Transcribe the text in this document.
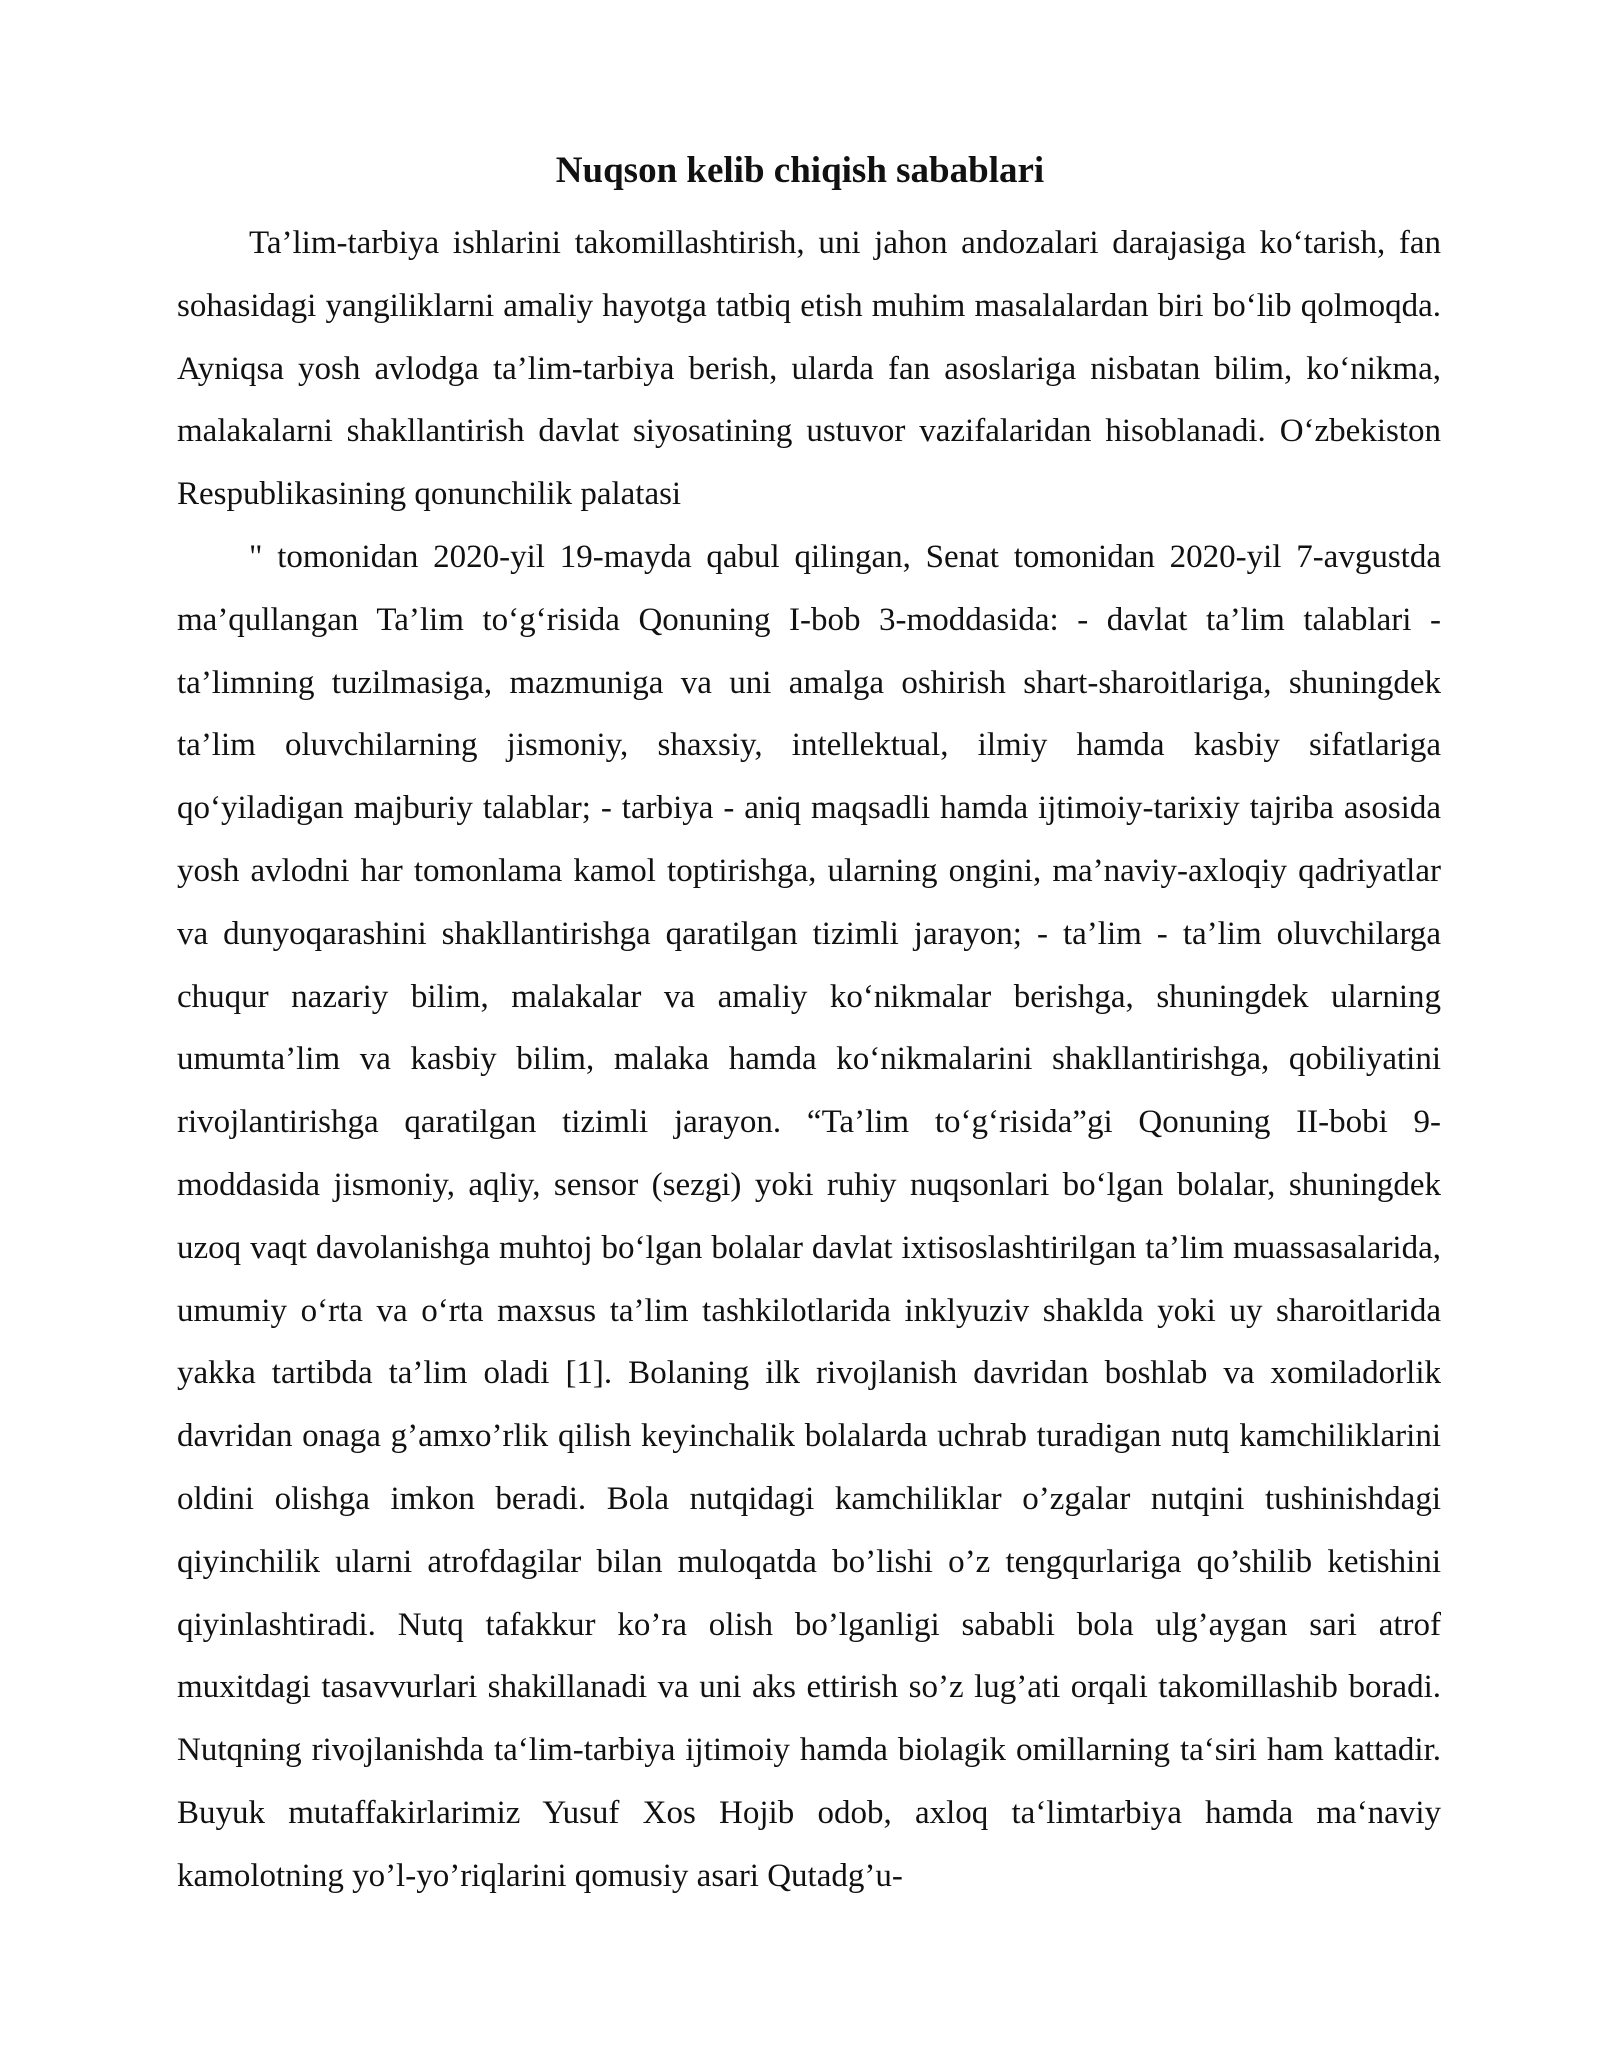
Nuqson kelib chiqish sabablari

Ta’lim-tarbiya ishlarini takomillashtirish, uni jahon andozalari darajasiga ko‘tarish, fan sohasidagi yangiliklarni amaliy hayotga tatbiq etish muhim masalalardan biri bo‘lib qolmoqda. Ayniqsa yosh avlodga ta’lim-tarbiya berish, ularda fan asoslariga nisbatan bilim, ko‘nikma, malakalarni shakllantirish davlat siyosatining ustuvor vazifalaridan hisoblanadi. O‘zbekiston Respublikasining qonunchilik palatasi

" tomonidan 2020-yil 19-mayda qabul qilingan, Senat tomonidan 2020-yil 7-avgustda ma’qullangan Ta’lim to‘g‘risida Qonuning I-bob 3-moddasida: - davlat ta’lim talablari - ta’limning tuzilmasiga, mazmuniga va uni amalga oshirish shart-sharoitlariga, shuningdek ta’lim oluvchilarning jismoniy, shaxsiy, intellektual, ilmiy hamda kasbiy sifatlariga qo‘yiladigan majburiy talablar; - tarbiya - aniq maqsadli hamda ijtimoiy-tarixiy tajriba asosida yosh avlodni har tomonlama kamol toptirishga, ularning ongini, ma’naviy-axloqiy qadriyatlar va dunyoqarashini shakllantirishga qaratilgan tizimli jarayon; - ta’lim - ta’lim oluvchilarga chuqur nazariy bilim, malakalar va amaliy ko‘nikmalar berishga, shuningdek ularning umumta’lim va kasbiy bilim, malaka hamda ko‘nikmalarini shakllantirishga, qobiliyatini rivojlantirishga qaratilgan tizimli jarayon. “Ta’lim to‘g‘risida”gi Qonuning II-bobi 9-moddasida jismoniy, aqliy, sensor (sezgi) yoki ruhiy nuqsonlari bo‘lgan bolalar, shuningdek uzoq vaqt davolanishga muhtoj bo‘lgan bolalar davlat ixtisoslashtirilgan ta’lim muassasalarida, umumiy o‘rta va o‘rta maxsus ta’lim tashkilotlarida inklyuziv shaklda yoki uy sharoitlarida yakka tartibda ta’lim oladi [1]. Bolaning ilk rivojlanish davridan boshlab va xomiladorlik davridan onaga g’amxo’rlik qilish keyinchalik bolalarda uchrab turadigan nutq kamchiliklarini oldini olishga imkon beradi. Bola nutqidagi kamchiliklar o’zgalar nutqini tushinishdagi qiyinchilik ularni atrofdagilar bilan muloqatda bo’lishi o’z tengqurlariga qo’shilib ketishini qiyinlashtiradi. Nutq tafakkur ko’ra olish bo’lganligi sababli bola ulg’aygan sari atrof muxitdagi tasavvurlari shakillanadi va uni aks ettirish so’z lug’ati orqali takomillashib boradi. Nutqning rivojlanishda ta‘lim-tarbiya ijtimoiy hamda biolagik omillarning ta‘siri ham kattadir. Buyuk mutaffakirlarimiz Yusuf Xos Hojib odob, axloq ta‘limtarbiya hamda ma‘naviy kamolotning yo’l-yo’riqlarini qomusiy asari Qutadg’u-
